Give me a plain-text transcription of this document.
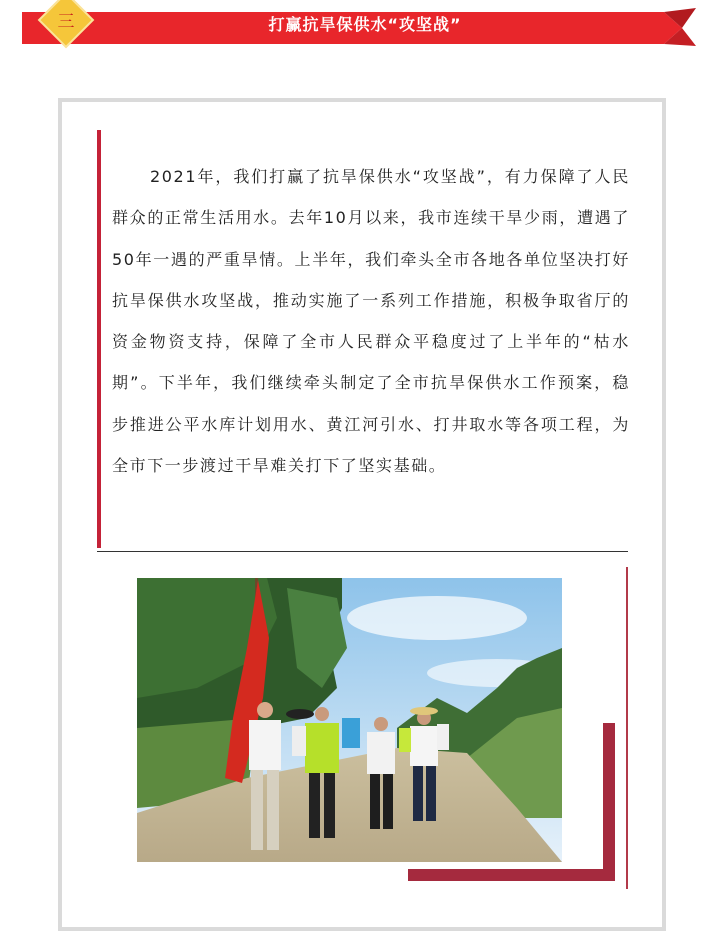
三	打赢抗旱保供水“攻坚战”

2021年，我们打赢了抗旱保供水“攻坚战”，有力保障了人民群众的正常生活用水。去年10月以来，我市连续干旱少雨，遭遇了50年一遇的严重旱情。上半年，我们牵头全市各地各单位坚决打好抗旱保供水攻坚战，推动实施了一系列工作措施，积极争取省厅的资金物资支持，保障了全市人民群众平稳度过了上半年的“枯水期”。下半年，我们继续牵头制定了全市抗旱保供水工作预案，稳步推进公平水库计划用水、黄江河引水、打井取水等各项工程，为全市下一步渡过干旱难关打下了坚实基础。
